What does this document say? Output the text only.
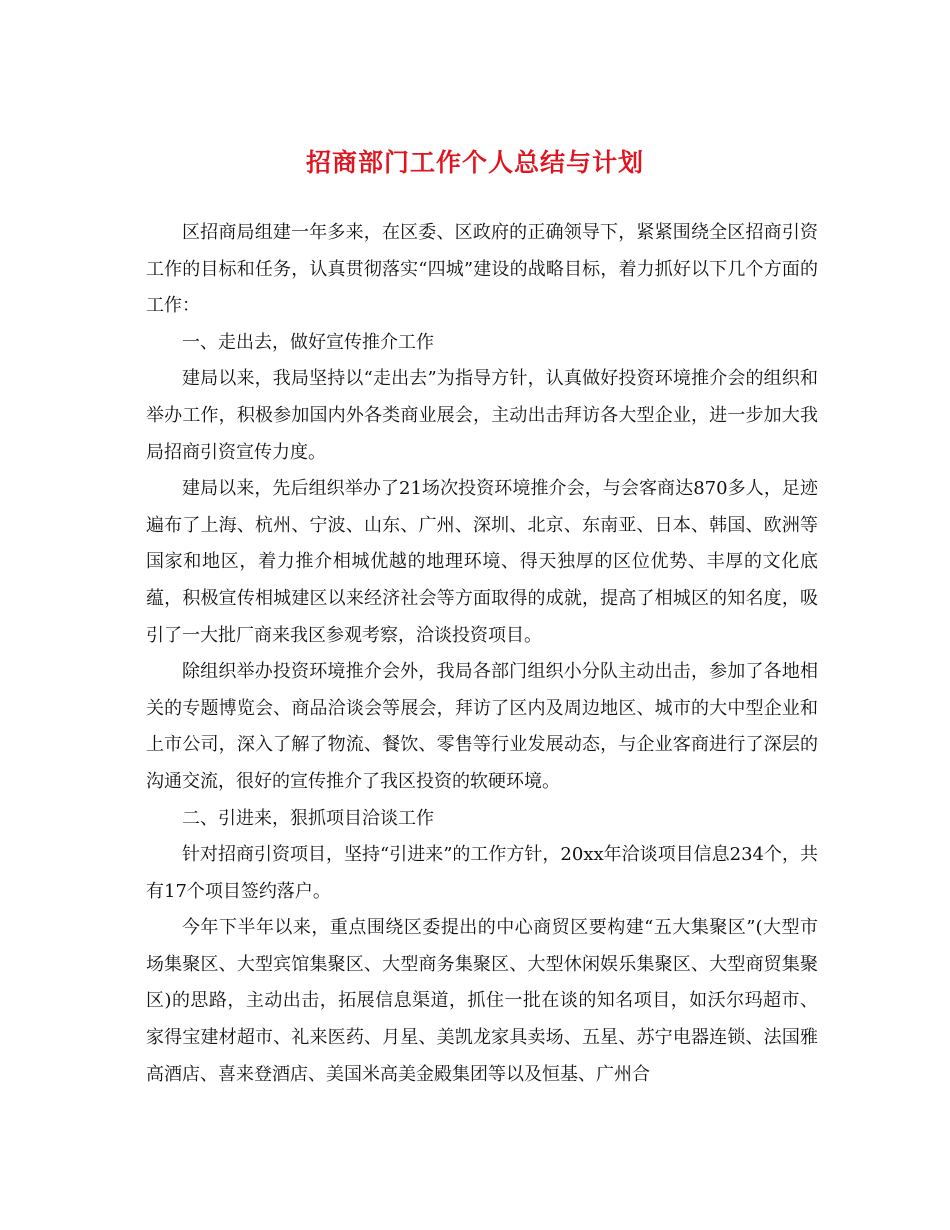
招商部门工作个人总结与计划

区招商局组建一年多来，在区委、区政府的正确领导下，紧紧围绕全区招商引资工作的目标和任务，认真贯彻落实“四城”建设的战略目标，着力抓好以下几个方面的工作：

一、走出去，做好宣传推介工作

建局以来，我局坚持以“走出去”为指导方针，认真做好投资环境推介会的组织和举办工作，积极参加国内外各类商业展会，主动出击拜访各大型企业，进一步加大我局招商引资宣传力度。

建局以来，先后组织举办了21场次投资环境推介会，与会客商达870多人，足迹遍布了上海、杭州、宁波、山东、广州、深圳、北京、东南亚、日本、韩国、欧洲等国家和地区，着力推介相城优越的地理环境、得天独厚的区位优势、丰厚的文化底蕴，积极宣传相城建区以来经济社会等方面取得的成就，提高了相城区的知名度，吸引了一大批厂商来我区参观考察，洽谈投资项目。

除组织举办投资环境推介会外，我局各部门组织小分队主动出击，参加了各地相关的专题博览会、商品洽谈会等展会，拜访了区内及周边地区、城市的大中型企业和上市公司，深入了解了物流、餐饮、零售等行业发展动态，与企业客商进行了深层的沟通交流，很好的宣传推介了我区投资的软硬环境。

二、引进来，狠抓项目洽谈工作

针对招商引资项目，坚持“引进来”的工作方针，20xx年洽谈项目信息234个，共有17个项目签约落户。

今年下半年以来，重点围绕区委提出的中心商贸区要构建“五大集聚区”(大型市场集聚区、大型宾馆集聚区、大型商务集聚区、大型休闲娱乐集聚区、大型商贸集聚区)的思路，主动出击，拓展信息渠道，抓住一批在谈的知名项目，如沃尔玛超市、家得宝建材超市、礼来医药、月星、美凯龙家具卖场、五星、苏宁电器连锁、法国雅高酒店、喜来登酒店、美国米高美金殿集团等以及恒基、广州合
